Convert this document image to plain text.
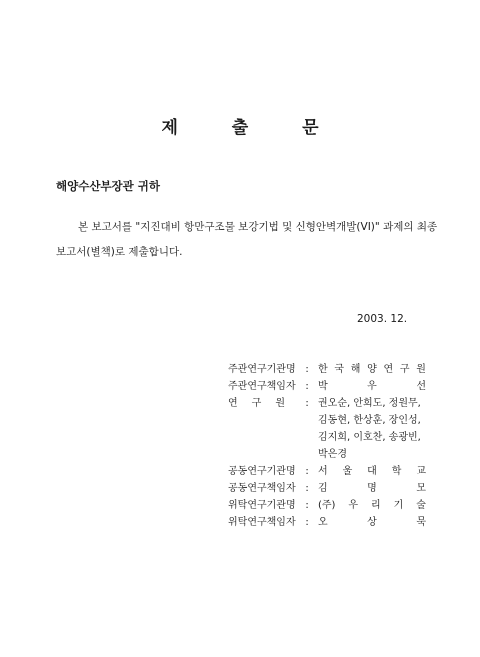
제 출 문
해양수산부장관 귀하
본 보고서를 "지진대비 항만구조물 보강기법 및 신형안벽개발(VI)" 과제의 최종
보고서(별책)로 제출합니다.
2003. 12.
주관연구기관명 : 한 국 해 양 연 구 원
주관연구책임자 : 박	우	선
연구원 : 권오순, 안희도, 정원무,
김동현, 한상훈, 장인성,
김지희, 이호찬, 송광빈,
박은경
공동연구기관명 : 서 울 대 학 교
공동연구책임자 : 김	명	모
위탁연구기관명 : (주) 우 리 기 술
위탁연구책임자 : 오	상	묵
